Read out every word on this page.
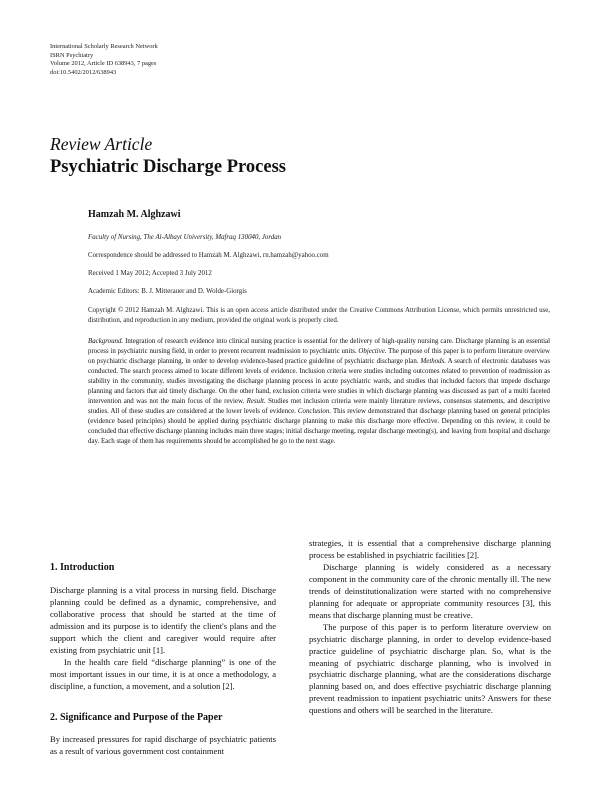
International Scholarly Research Network
ISRN Psychiatry
Volume 2012, Article ID 638943, 7 pages
doi:10.5402/2012/638943
Review Article
Psychiatric Discharge Process
Hamzah M. Alghzawi
Faculty of Nursing, The Al-Albayt University, Mafraq 130040, Jordan
Correspondence should be addressed to Hamzah M. Alghzawi, rn.hamzah@yahoo.com
Received 1 May 2012; Accepted 3 July 2012
Academic Editors: B. J. Mitterauer and D. Wolde-Giorgis
Copyright © 2012 Hamzah M. Alghzawi. This is an open access article distributed under the Creative Commons Attribution License, which permits unrestricted use, distribution, and reproduction in any medium, provided the original work is properly cited.
Background. Integration of research evidence into clinical nursing practice is essential for the delivery of high-quality nursing care. Discharge planning is an essential process in psychiatric nursing field, in order to prevent recurrent readmission to psychiatric units. Objective. The purpose of this paper is to perform literature overview on psychiatric discharge planning, in order to develop evidence-based practice guideline of psychiatric discharge plan. Methods. A search of electronic databases was conducted. The search process aimed to locate different levels of evidence. Inclusion criteria were studies including outcomes related to prevention of readmission as stability in the community, studies investigating the discharge planning process in acute psychiatric wards, and studies that included factors that impede discharge planning and factors that aid timely discharge. On the other hand, exclusion criteria were studies in which discharge planning was discussed as part of a multi faceted intervention and was not the main focus of the review. Result. Studies met inclusion criteria were mainly literature reviews, consensus statements, and descriptive studies. All of these studies are considered at the lower levels of evidence. Conclusion. This review demonstrated that discharge planning based on general principles (evidence based principles) should be applied during psychiatric discharge planning to make this discharge more effective. Depending on this review, it could be concluded that effective discharge planning includes main three stages; initial discharge meeting, regular discharge meeting(s), and leaving from hospital and discharge day. Each stage of them has requirements should be accomplished be go to the next stage.
1. Introduction

Discharge planning is a vital process in nursing field. Discharge planning could be defined as a dynamic, comprehensive, and collaborative process that should be started at the time of admission and its purpose is to identify the client's plans and the support which the client and caregiver would require after existing from psychiatric unit [1].

In the health care field “discharge planning” is one of the most important issues in our time, it is at once a methodology, a discipline, a function, a movement, and a solution [2].

2. Significance and Purpose of the Paper

By increased pressures for rapid discharge of psychiatric patients as a result of various government cost containment

strategies, it is essential that a comprehensive discharge planning process be established in psychiatric facilities [2].

Discharge planning is widely considered as a necessary component in the community care of the chronic mentally ill. The new trends of deinstitutionalization were started with no comprehensive planning for adequate or appropriate community resources [3], this means that discharge planning must be creative.

The purpose of this paper is to perform literature overview on psychiatric discharge planning, in order to develop evidence-based practice guideline of psychiatric discharge plan. So, what is the meaning of psychiatric discharge planning, who is involved in psychiatric discharge planning, what are the considerations discharge planning based on, and does effective psychiatric discharge planning prevent readmission to inpatient psychiatric units? Answers for these questions and others will be searched in the literature.
